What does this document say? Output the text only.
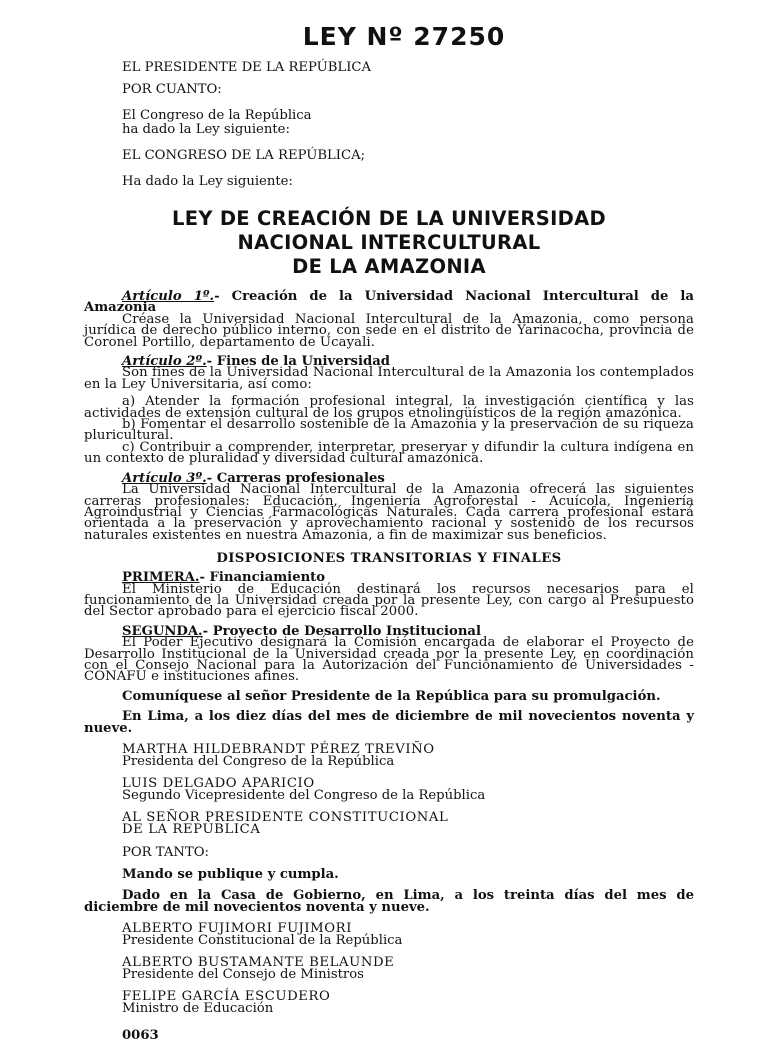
LEY Nº 27250

EL PRESIDENTE DE LA REPÚBLICA

POR CUANTO:

El Congreso de la República

ha dado la Ley siguiente:

EL CONGRESO DE LA REPÚBLICA;

Ha dado la Ley siguiente:

LEY DE CREACIÓN DE LA UNIVERSIDAD
NACIONAL INTERCULTURAL
DE LA AMAZONIA

Artículo 1º.- Creación de la Universidad Nacional Intercultural de la Amazonia

Créase la Universidad Nacional Intercultural de la Amazonia, como persona jurídica de derecho público interno, con sede en el distrito de Yarinacocha, provincia de Coronel Portillo, departamento de Ucayali.

Artículo 2º.- Fines de la Universidad

Son fines de la Universidad Nacional Intercultural de la Amazonia los contemplados en la Ley Universitaria, así como:

a) Atender la formación profesional integral, la investigación científica y las actividades de extensión cultural de los grupos etnolingüísticos de la región amazónica.

b) Fomentar el desarrollo sostenible de la Amazonia y la preservación de su riqueza pluricultural.

c) Contribuir a comprender, interpretar, preservar y difundir la cultura indígena en un contexto de pluralidad y diversidad cultural amazónica.

Artículo 3º.- Carreras profesionales

La Universidad Nacional Intercultural de la Amazonia ofrecerá las siguientes carreras profesionales: Educación, Ingeniería Agroforestal - Acuícola, Ingeniería Agroindustrial y Ciencias Farmacológicas Naturales. Cada carrera profesional estará orientada a la preservación y aprovechamiento racional y sostenido de los recursos naturales existentes en nuestra Amazonia, a fin de maximizar sus beneficios.

DISPOSICIONES TRANSITORIAS Y FINALES

PRIMERA.- Financiamiento

El Ministerio de Educación destinará los recursos necesarios para el funcionamiento de la Universidad creada por la presente Ley, con cargo al Presupuesto del Sector aprobado para el ejercicio fiscal 2000.

SEGUNDA.- Proyecto de Desarrollo Institucional

El Poder Ejecutivo designará la Comisión encargada de elaborar el Proyecto de Desarrollo Institucional de la Universidad creada por la presente Ley, en coordinación con el Consejo Nacional para la Autorización del Funcionamiento de Universidades - CONAFU e instituciones afines.

Comuníquese al señor Presidente de la República para su promulgación.

En Lima, a los diez días del mes de diciembre de mil novecientos noventa y nueve.

MARTHA HILDEBRANDT PÉREZ TREVIÑO

Presidenta del Congreso de la República

LUIS DELGADO APARICIO

Segundo Vicepresidente del Congreso de la República

AL SEÑOR PRESIDENTE CONSTITUCIONAL

DE LA REPÚBLICA

POR TANTO:

Mando se publique y cumpla.

Dado en la Casa de Gobierno, en Lima, a los treinta días del mes de diciembre de mil novecientos noventa y nueve.

ALBERTO FUJIMORI FUJIMORI

Presidente Constitucional de la República

ALBERTO BUSTAMANTE BELAUNDE

Presidente del Consejo de Ministros

FELIPE GARCÍA ESCUDERO

Ministro de Educación

0063
